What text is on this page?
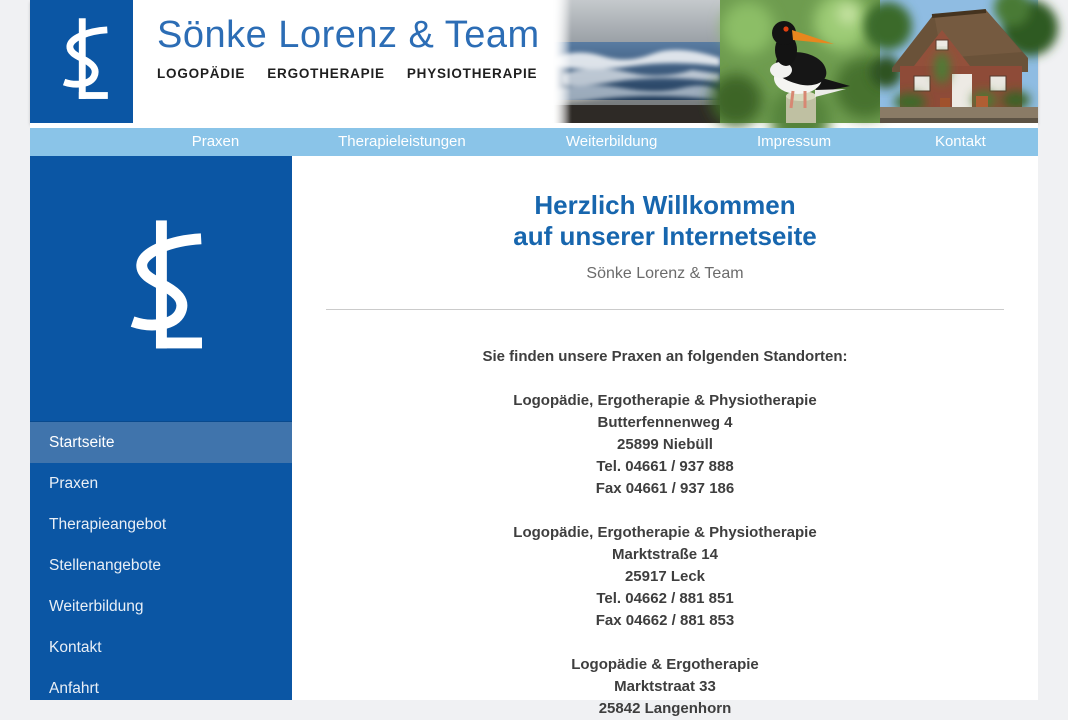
Sönke Lorenz & Team
LOGOPÄDIE ERGOTHERAPIE PHYSIOTHERAPIE
Praxen	Therapieleistungen	Weiterbildung	Impressum	Kontakt
Startseite
Praxen
Therapieangebot
Stellenangebote
Weiterbildung
Kontakt
Anfahrt
Herzlich Willkommen
auf unserer Internetseite
Sönke Lorenz & Team

Sie finden unsere Praxen an folgenden Standorten:

Logopädie, Ergotherapie & Physiotherapie
Butterfennenweg 4
25899 Niebüll
Tel. 04661 / 937 888
Fax 04661 / 937 186
Logopädie, Ergotherapie & Physiotherapie
Marktstraße 14
25917 Leck
Tel. 04662 / 881 851
Fax 04662 / 881 853
Logopädie & Ergotherapie
Marktstraat 33
25842 Langenhorn
